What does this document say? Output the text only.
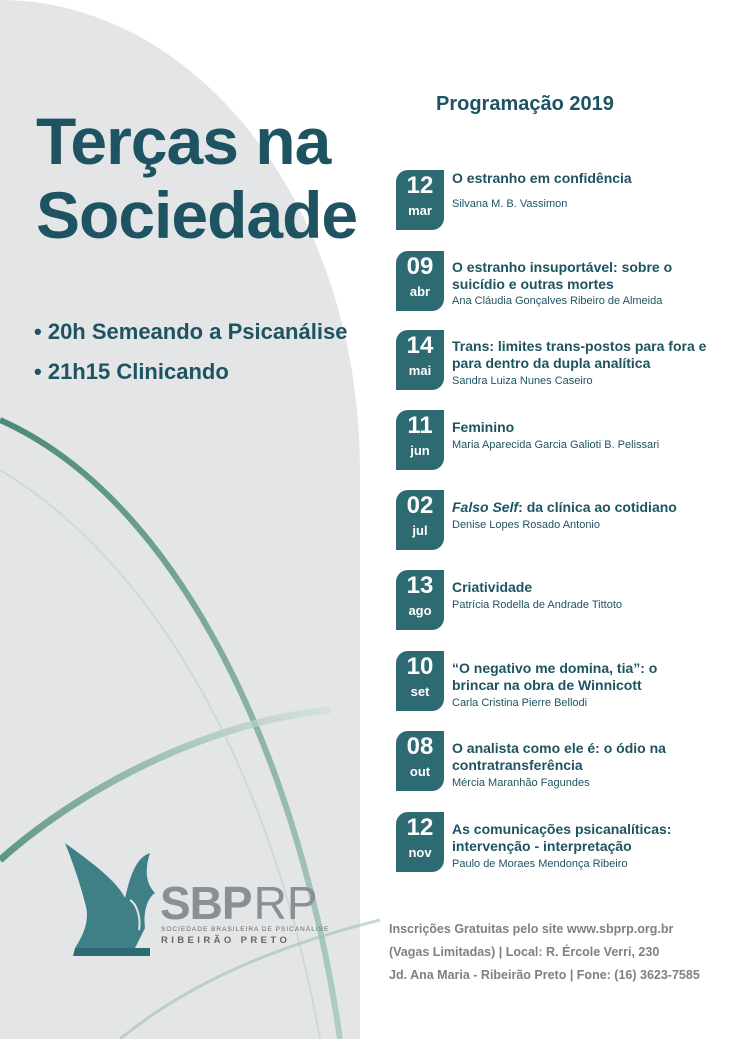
Terças na
Sociedade
• 20h Semeando a Psicanálise
• 21h15 Clinicando
SBPRP
SOCIEDADE BRASILEIRA DE PSICANÁLISE
RIBEIRÃO PRETO
Programação 2019
12
mar
O estranho em confidência
Silvana M. B. Vassimon
09
abr
O estranho insuportável: sobre o suicídio e outras mortes
Ana Cláudia Gonçalves Ribeiro de Almeida
14
mai
Trans: limites trans-postos para fora e para dentro da dupla analítica
Sandra Luiza Nunes Caseiro
11
jun
Feminino
Maria Aparecida Garcia Galioti B. Pelissari
02
jul
Falso Self: da clínica ao cotidiano
Denise Lopes Rosado Antonio
13
ago
Criatividade
Patrícia Rodella de Andrade Tittoto
10
set
“O negativo me domina, tia”: o brincar na obra de Winnicott
Carla Cristina Pierre Bellodi
08
out
O analista como ele é: o ódio na contratransferência
Mércia Maranhão Fagundes
12
nov
As comunicações psicanalíticas: intervenção - interpretação
Paulo de Moraes Mendonça Ribeiro

Inscrições Gratuitas pelo site www.sbprp.org.br

(Vagas Limitadas) | Local: R. Ércole Verri, 230

Jd. Ana Maria - Ribeirão Preto | Fone: (16) 3623-7585
